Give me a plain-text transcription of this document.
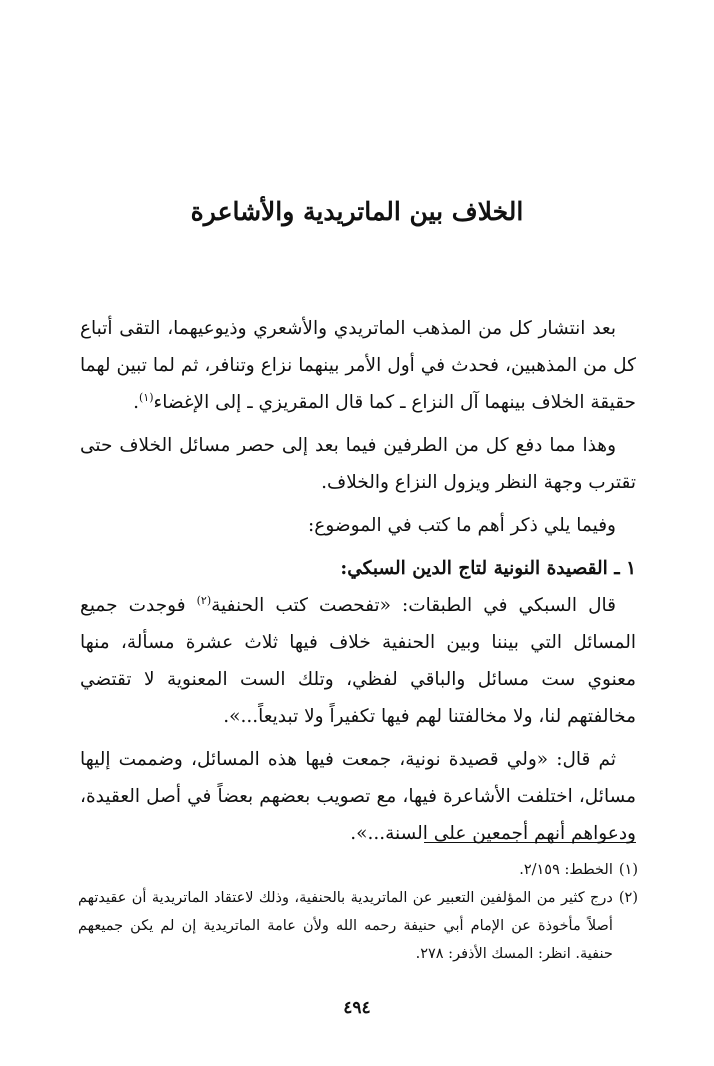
الخلاف بين الماتريدية والأشاعرة

بعد انتشار كل من المذهب الماتريدي والأشعري وذيوعيهما، التقى أتباع كل من المذهبين، فحدث في أول الأمر بينهما نزاع وتنافر، ثم لما تبين لهما حقيقة الخلاف بينهما آل النزاع ـ كما قال المقريزي ـ إلى الإغضاء$^{(١)}$.

وهذا مما دفع كل من الطرفين فيما بعد إلى حصر مسائل الخلاف حتى تقترب وجهة النظر ويزول النزاع والخلاف.

وفيما يلي ذكر أهم ما كتب في الموضوع:

١ ـ القصيدة النونية لتاج الدين السبكي:

قال السبكي في الطبقات: «تفحصت كتب الحنفية$^{(٢)}$ فوجدت جميع المسائل التي بيننا وبين الحنفية خلاف فيها ثلاث عشرة مسألة، منها معنوي ست مسائل والباقي لفظي، وتلك الست المعنوية لا تقتضي مخالفتهم لنا، ولا مخالفتنا لهم فيها تكفيراً ولا تبديعاً...».

ثم قال: «ولي قصيدة نونية، جمعت فيها هذه المسائل، وضممت إليها مسائل، اختلفت الأشاعرة فيها، مع تصويب بعضهم بعضاً في أصل العقيدة، ودعواهم أنهم أجمعين على السنة...».

(١)
الخطط: ٢/١٥٩.

(٢)
درج كثير من المؤلفين التعبير عن الماتريدية بالحنفية، وذلك لاعتقاد الماتريدية أن عقيدتهم أصلاً مأخوذة عن الإمام أبي حنيفة رحمه الله ولأن عامة الماتريدية إن لم يكن جميعهم حنفية. انظر: المسك الأذفر: ٢٧٨.

٤٩٤
